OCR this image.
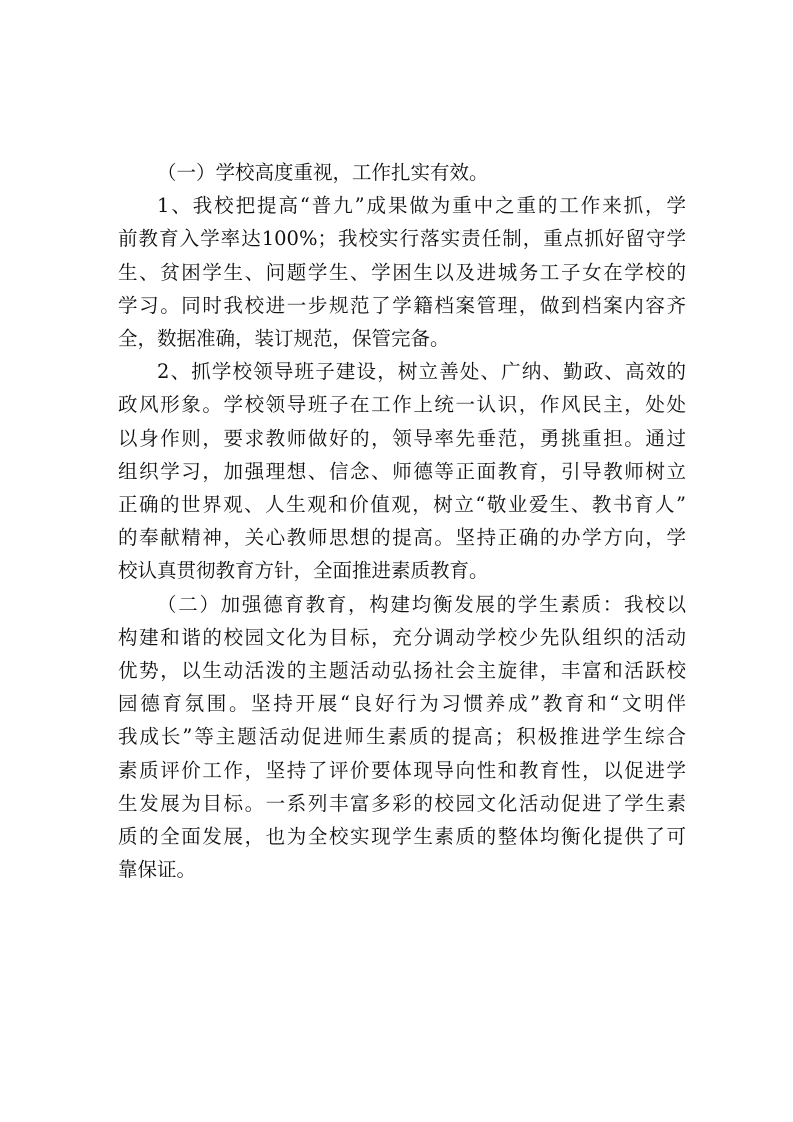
（一）学校高度重视，工作扎实有效。
1、我校把提高“普九”成果做为重中之重的工作来抓，学
前教育入学率达100%；我校实行落实责任制，重点抓好留守学
生、贫困学生、问题学生、学困生以及进城务工子女在学校的
学习。同时我校进一步规范了学籍档案管理，做到档案内容齐
全，数据准确，装订规范，保管完备。
2、抓学校领导班子建设，树立善处、广纳、勤政、高效的
政风形象。学校领导班子在工作上统一认识，作风民主，处处
以身作则，要求教师做好的，领导率先垂范，勇挑重担。通过
组织学习，加强理想、信念、师德等正面教育，引导教师树立
正确的世界观、人生观和价值观，树立“敬业爱生、教书育人”
的奉献精神，关心教师思想的提高。坚持正确的办学方向，学
校认真贯彻教育方针，全面推进素质教育。
（二）加强德育教育，构建均衡发展的学生素质：我校以
构建和谐的校园文化为目标，充分调动学校少先队组织的活动
优势，以生动活泼的主题活动弘扬社会主旋律，丰富和活跃校
园德育氛围。坚持开展“良好行为习惯养成”教育和“文明伴
我成长”等主题活动促进师生素质的提高；积极推进学生综合
素质评价工作，坚持了评价要体现导向性和教育性，以促进学
生发展为目标。一系列丰富多彩的校园文化活动促进了学生素
质的全面发展，也为全校实现学生素质的整体均衡化提供了可
靠保证。
